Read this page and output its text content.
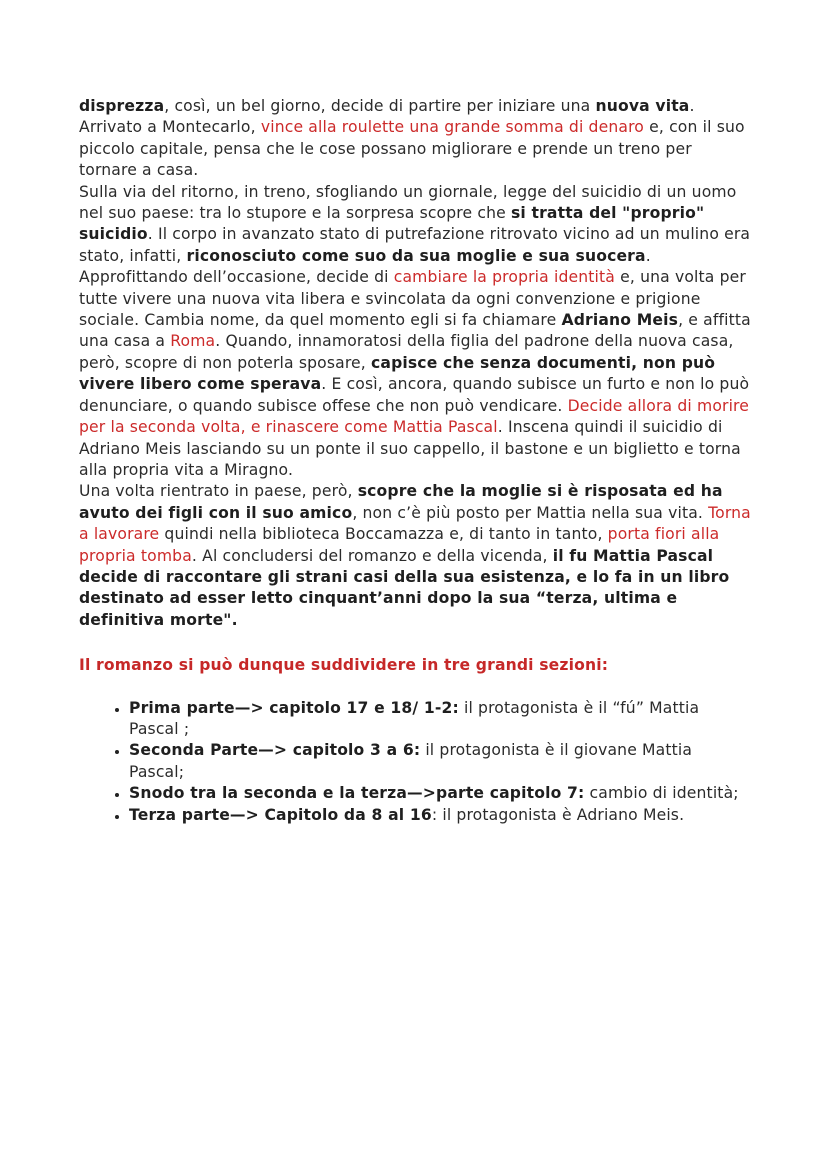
disprezza, così, un bel giorno, decide di partire per iniziare una nuova vita. Arrivato a Montecarlo, vince alla roulette una grande somma di denaro e, con il suo piccolo capitale, pensa che le cose possano migliorare e prende un treno per tornare a casa.

Sulla via del ritorno, in treno, sfogliando un giornale, legge del suicidio di un uomo nel suo paese: tra lo stupore e la sorpresa scopre che si tratta del "proprio" suicidio. Il corpo in avanzato stato di putrefazione ritrovato vicino ad un mulino era stato, infatti, riconosciuto come suo da sua moglie e sua suocera. Approfittando dell’occasione, decide di cambiare la propria identità e, una volta per tutte vivere una nuova vita libera e svincolata da ogni convenzione e prigione sociale. Cambia nome, da quel momento egli si fa chiamare Adriano Meis, e affitta una casa a Roma. Quando, innamoratosi della figlia del padrone della nuova casa, però, scopre di non poterla sposare, capisce che senza documenti, non può vivere libero come sperava. E così, ancora, quando subisce un furto e non lo può denunciare, o quando subisce offese che non può vendicare. Decide allora di morire per la seconda volta, e rinascere come Mattia Pascal. Inscena quindi il suicidio di Adriano Meis lasciando su un ponte il suo cappello, il bastone e un biglietto e torna alla propria vita a Miragno.

Una volta rientrato in paese, però, scopre che la moglie si è risposata ed ha avuto dei figli con il suo amico, non c’è più posto per Mattia nella sua vita. Torna a lavorare quindi nella biblioteca Boccamazza e, di tanto in tanto, porta fiori alla propria tomba. Al concludersi del romanzo e della vicenda, il fu Mattia Pascal decide di raccontare gli strani casi della sua esistenza, e lo fa in un libro destinato ad esser letto cinquant’anni dopo la sua “terza, ultima e definitiva morte".

Il romanzo si può dunque suddividere in tre grandi sezioni:

• Prima parte—> capitolo 17 e 18/ 1-2: il protagonista è il “fú” Mattia Pascal ;
• Seconda Parte—> capitolo 3 a 6: il protagonista è il giovane Mattia Pascal;
• Snodo tra la seconda e la terza—>parte capitolo 7: cambio di identità;
• Terza parte—> Capitolo da 8 al 16: il protagonista è Adriano Meis.
